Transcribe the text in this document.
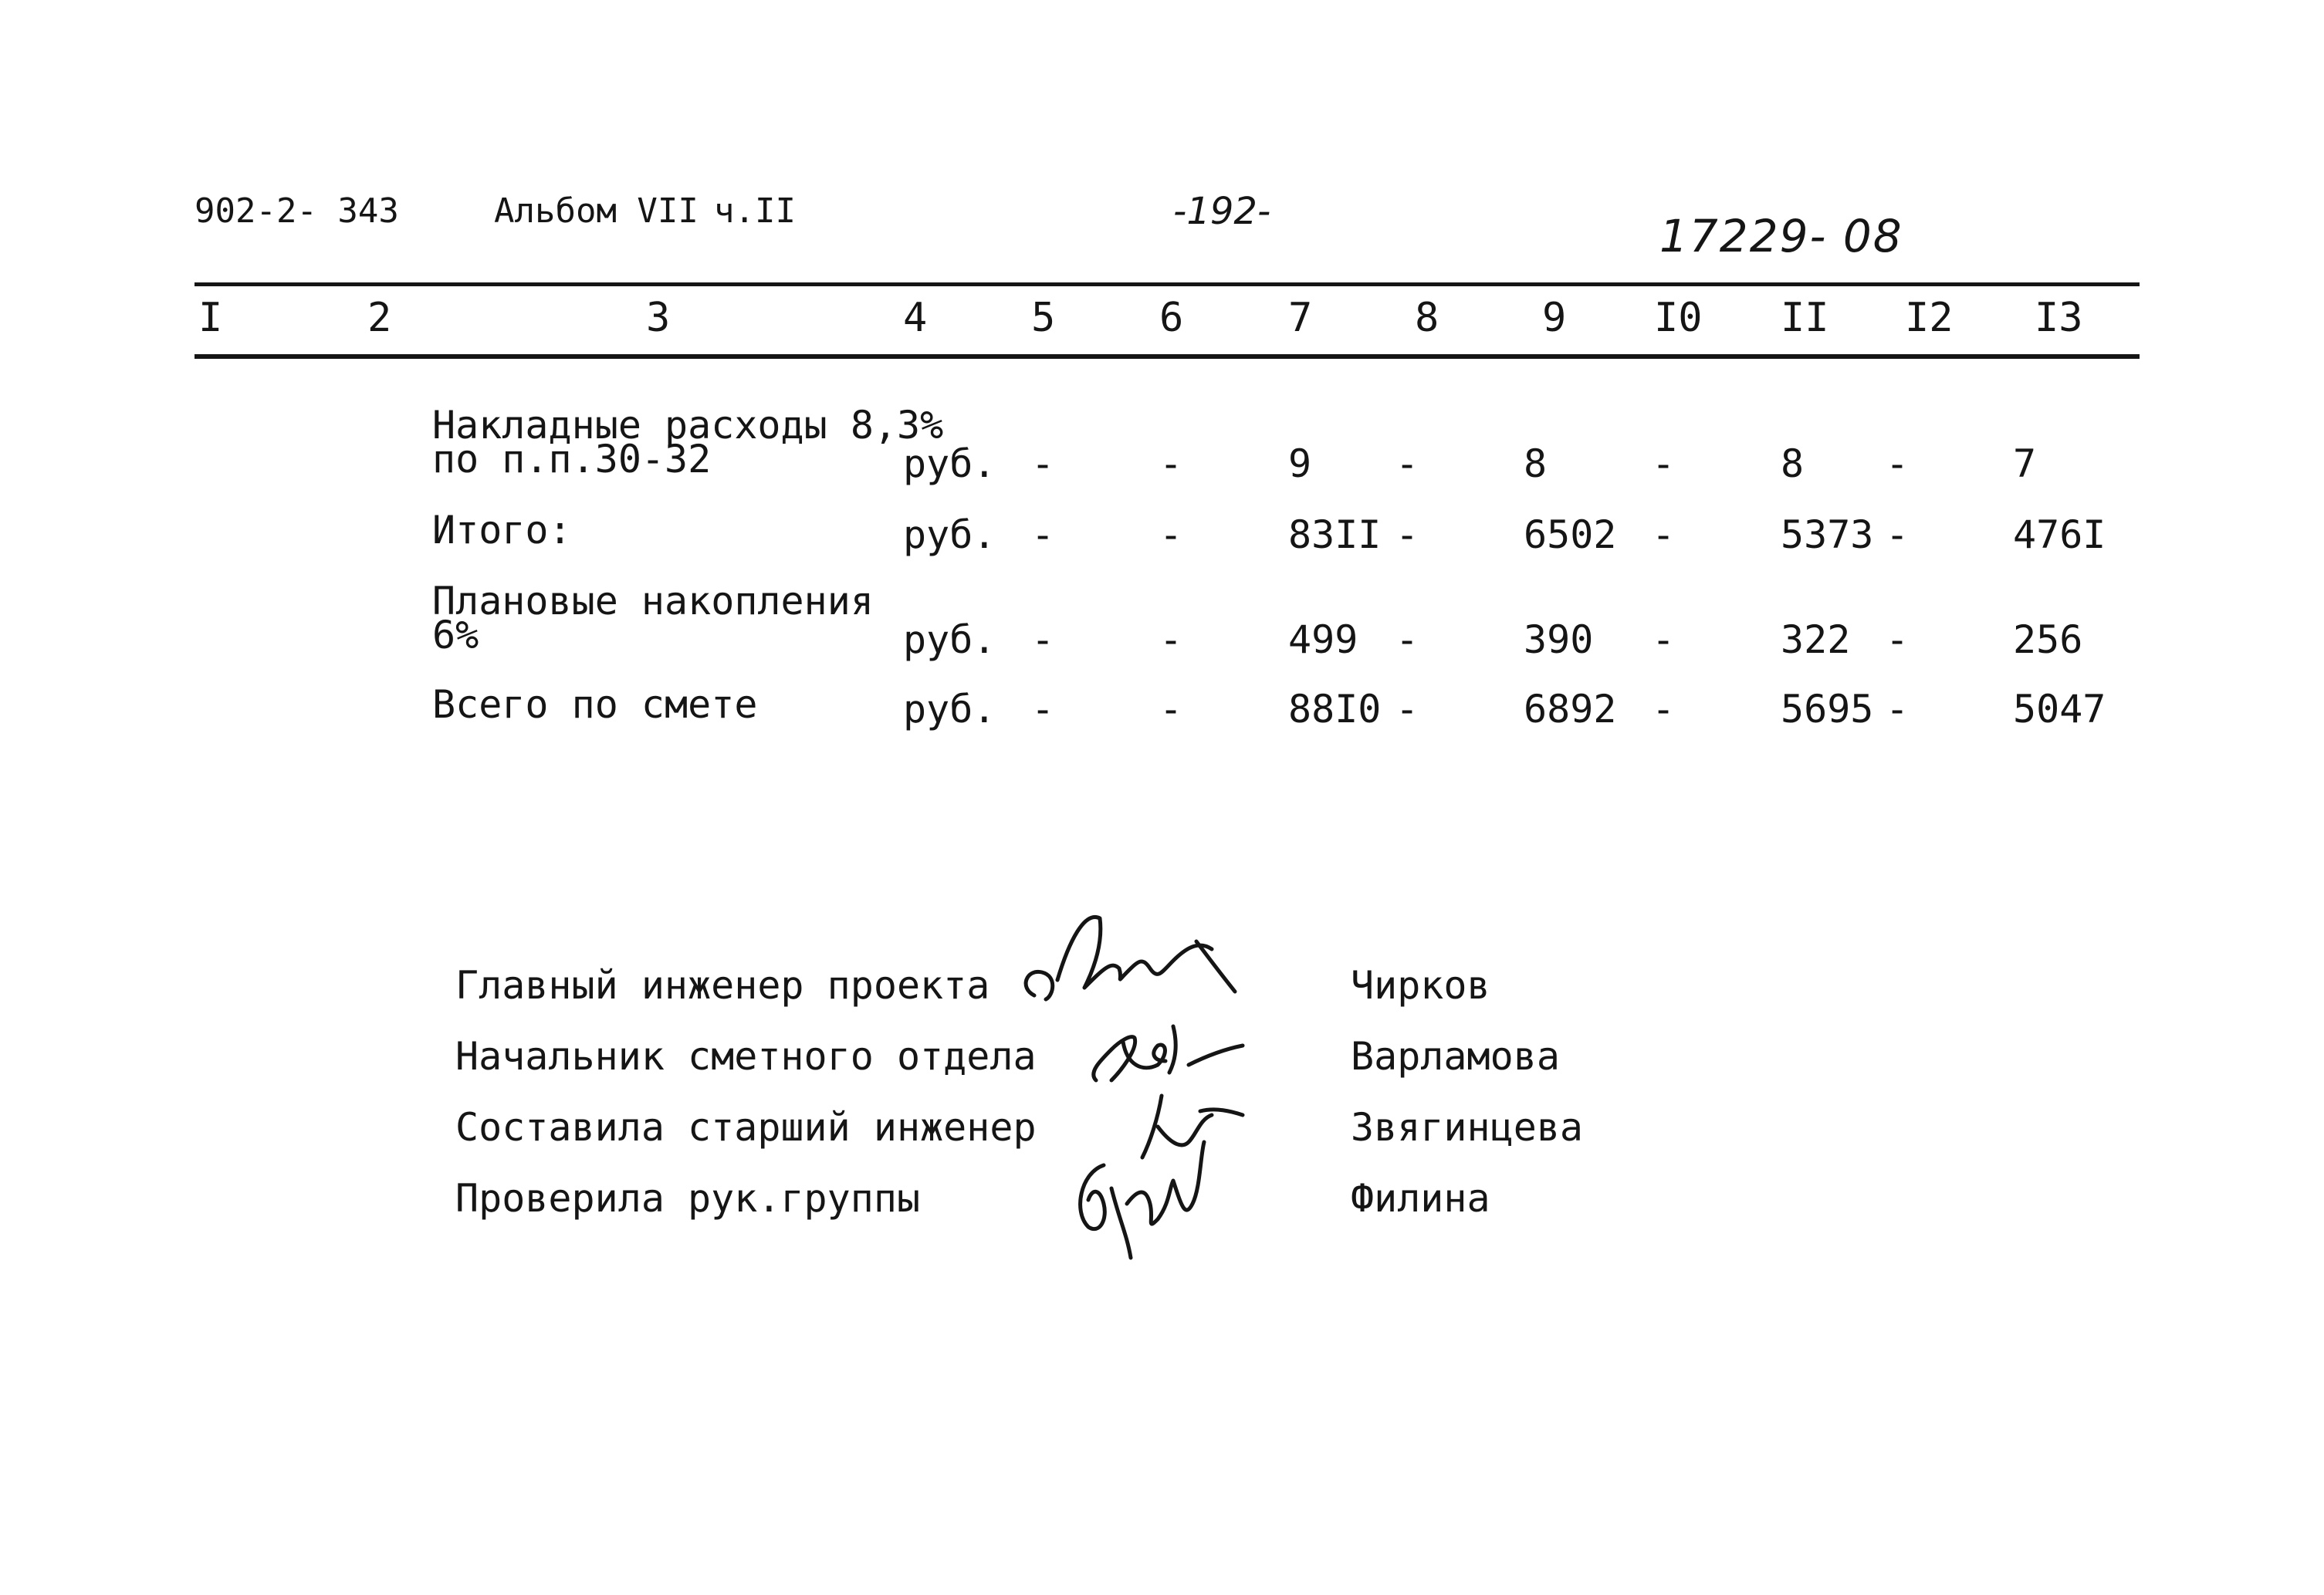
902-2- 343	Альбом VII ч.II	-192-	17229- 08
I	2	3	4	5	6	7	8	9 I0 II I2 I3
Накладные расходы 8,3%
по п.п.30-32	руб. -	-	9 -	8	-	8 -	7
Итого:	руб. -	-	83II -	6502 -	5373 -	476I
Плановые накопления
6%	руб. -	-	499 -	390 -	322 -	256
Всего по смете	руб. -	-	88I0 -	6892 -	5695 -	5047
Главный инженер проекта	Чирков
Начальник сметного отдела	Варламова
Составила старший инженер	Звягинцева
Проверила рук.группы	Филина
